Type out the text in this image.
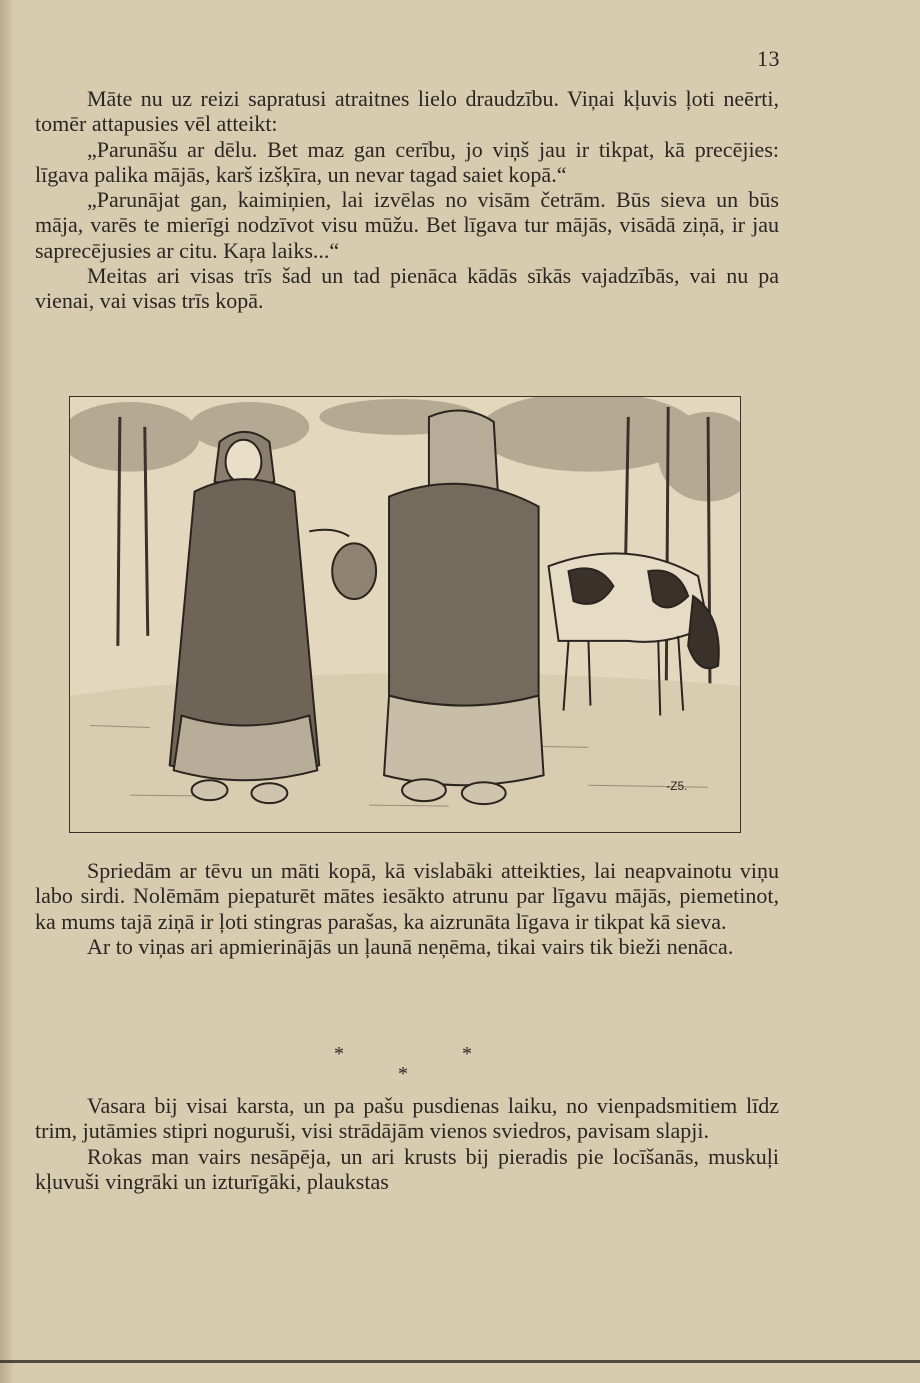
13

Māte nu uz reizi sapratusi atraitnes lielo draudzību. Viņai kļuvis ļoti neērti, tomēr attapusies vēl atteikt:

„Parunāšu ar dēlu. Bet maz gan cerību, jo viņš jau ir tikpat, kā precējies: līgava palika mājās, karš izšķīra, un nevar tagad saiet kopā.“

„Parunājat gan, kaimiņien, lai izvēlas no visām četrām. Būs sieva un būs māja, varēs te mierīgi nodzīvot visu mūžu. Bet līgava tur mājās, visādā ziņā, ir jau saprecējusies ar citu. Kaŗa laiks...“

Meitas ari visas trīs šad un tad pienāca kādās sīkās vajadzībās, vai nu pa vienai, vai visas trīs kopā.

-Z5.

Spriedām ar tēvu un māti kopā, kā vislabāki atteikties, lai neapvainotu viņu labo sirdi. Nolēmām piepaturēt mātes iesākto atrunu par līgavu mājās, piemetinot, ka mums tajā ziņā ir ļoti stingras parašas, ka aizrunāta līgava ir tikpat kā sieva.

Ar to viņas ari apmierinājās un ļaunā neņēma, tikai vairs tik bieži nenāca.

*	*
*

Vasara bij visai karsta, un pa pašu pusdienas laiku, no vienpadsmitiem līdz trim, jutāmies stipri noguruši, visi strādājām vienos sviedros, pavisam slapji.

Rokas man vairs nesāpēja, un ari krusts bij pieradis pie locīšanās, muskuļi kļuvuši vingrāki un izturīgāki, plaukstas
